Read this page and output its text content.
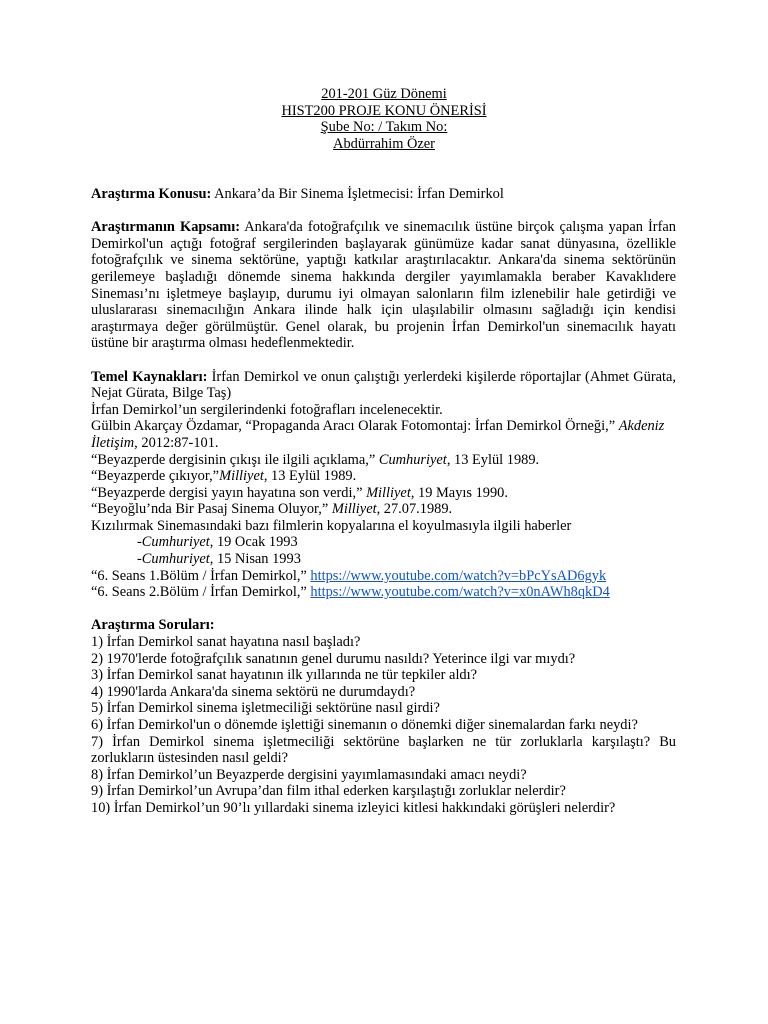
201-201 Güz Dönemi
HIST200 PROJE KONU ÖNERİSİ
Şube No: / Takım No:
Abdürrahim Özer

Araştırma Konusu: Ankara’da Bir Sinema İşletmecisi: İrfan Demirkol

Araştırmanın Kapsamı: Ankara'da fotoğrafçılık ve sinemacılık üstüne birçok çalışma yapan İrfan Demirkol'un açtığı fotoğraf sergilerinden başlayarak günümüze kadar sanat dünyasına, özellikle fotoğrafçılık ve sinema sektörüne, yaptığı katkılar araştırılacaktır. Ankara'da sinema sektörünün gerilemeye başladığı dönemde sinema hakkında dergiler yayımlamakla beraber Kavaklıdere Sineması’nı işletmeye başlayıp, durumu iyi olmayan salonların film izlenebilir hale getirdiği ve uluslararası sinemacılığın Ankara ilinde halk için ulaşılabilir olmasını sağladığı için kendisi araştırmaya değer görülmüştür. Genel olarak, bu projenin İrfan Demirkol'un sinemacılık hayatı üstüne bir araştırma olması hedeflenmektedir.

Temel Kaynakları: İrfan Demirkol ve onun çalıştığı yerlerdeki kişilerde röportajlar (Ahmet Gürata, Nejat Gürata, Bilge Taş)

İrfan Demirkol’un sergilerindenki fotoğrafları incelenecektir.

Gülbin Akarçay Özdamar, “Propaganda Aracı Olarak Fotomontaj: İrfan Demirkol Örneği,” Akdeniz İletişim, 2012:87-101.

“Beyazperde dergisinin çıkışı ile ilgili açıklama,” Cumhuriyet, 13 Eylül 1989.

“Beyazperde çıkıyor,”Milliyet, 13 Eylül 1989.

“Beyazperde dergisi yayın hayatına son verdi,” Milliyet, 19 Mayıs 1990.

“Beyoğlu’nda Bir Pasaj Sinema Oluyor,” Milliyet, 27.07.1989.

Kızılırmak Sinemasındaki bazı filmlerin kopyalarına el koyulmasıyla ilgili haberler

-Cumhuriyet, 19 Ocak 1993

-Cumhuriyet, 15 Nisan 1993

“6. Seans 1.Bölüm / İrfan Demirkol,” https://www.youtube.com/watch?v=bPcYsAD6gyk

“6. Seans 2.Bölüm / İrfan Demirkol,” https://www.youtube.com/watch?v=x0nAWh8qkD4

Araştırma Soruları:

1) İrfan Demirkol sanat hayatına nasıl başladı?

2) 1970'lerde fotoğrafçılık sanatının genel durumu nasıldı? Yeterince ilgi var mıydı?

3) İrfan Demirkol sanat hayatının ilk yıllarında ne tür tepkiler aldı?

4) 1990'larda Ankara'da sinema sektörü ne durumdaydı?

5) İrfan Demirkol sinema işletmeciliği sektörüne nasıl girdi?

6) İrfan Demirkol'un o dönemde işlettiği sinemanın o dönemki diğer sinemalardan farkı neydi?

7) İrfan Demirkol sinema işletmeciliği sektörüne başlarken ne tür zorluklarla karşılaştı? Bu zorlukların üstesinden nasıl geldi?

8) İrfan Demirkol’un Beyazperde dergisini yayımlamasındaki amacı neydi?

9) İrfan Demirkol’un Avrupa’dan film ithal ederken karşılaştığı zorluklar nelerdir?

10) İrfan Demirkol’un 90’lı yıllardaki sinema izleyici kitlesi hakkındaki görüşleri nelerdir?
